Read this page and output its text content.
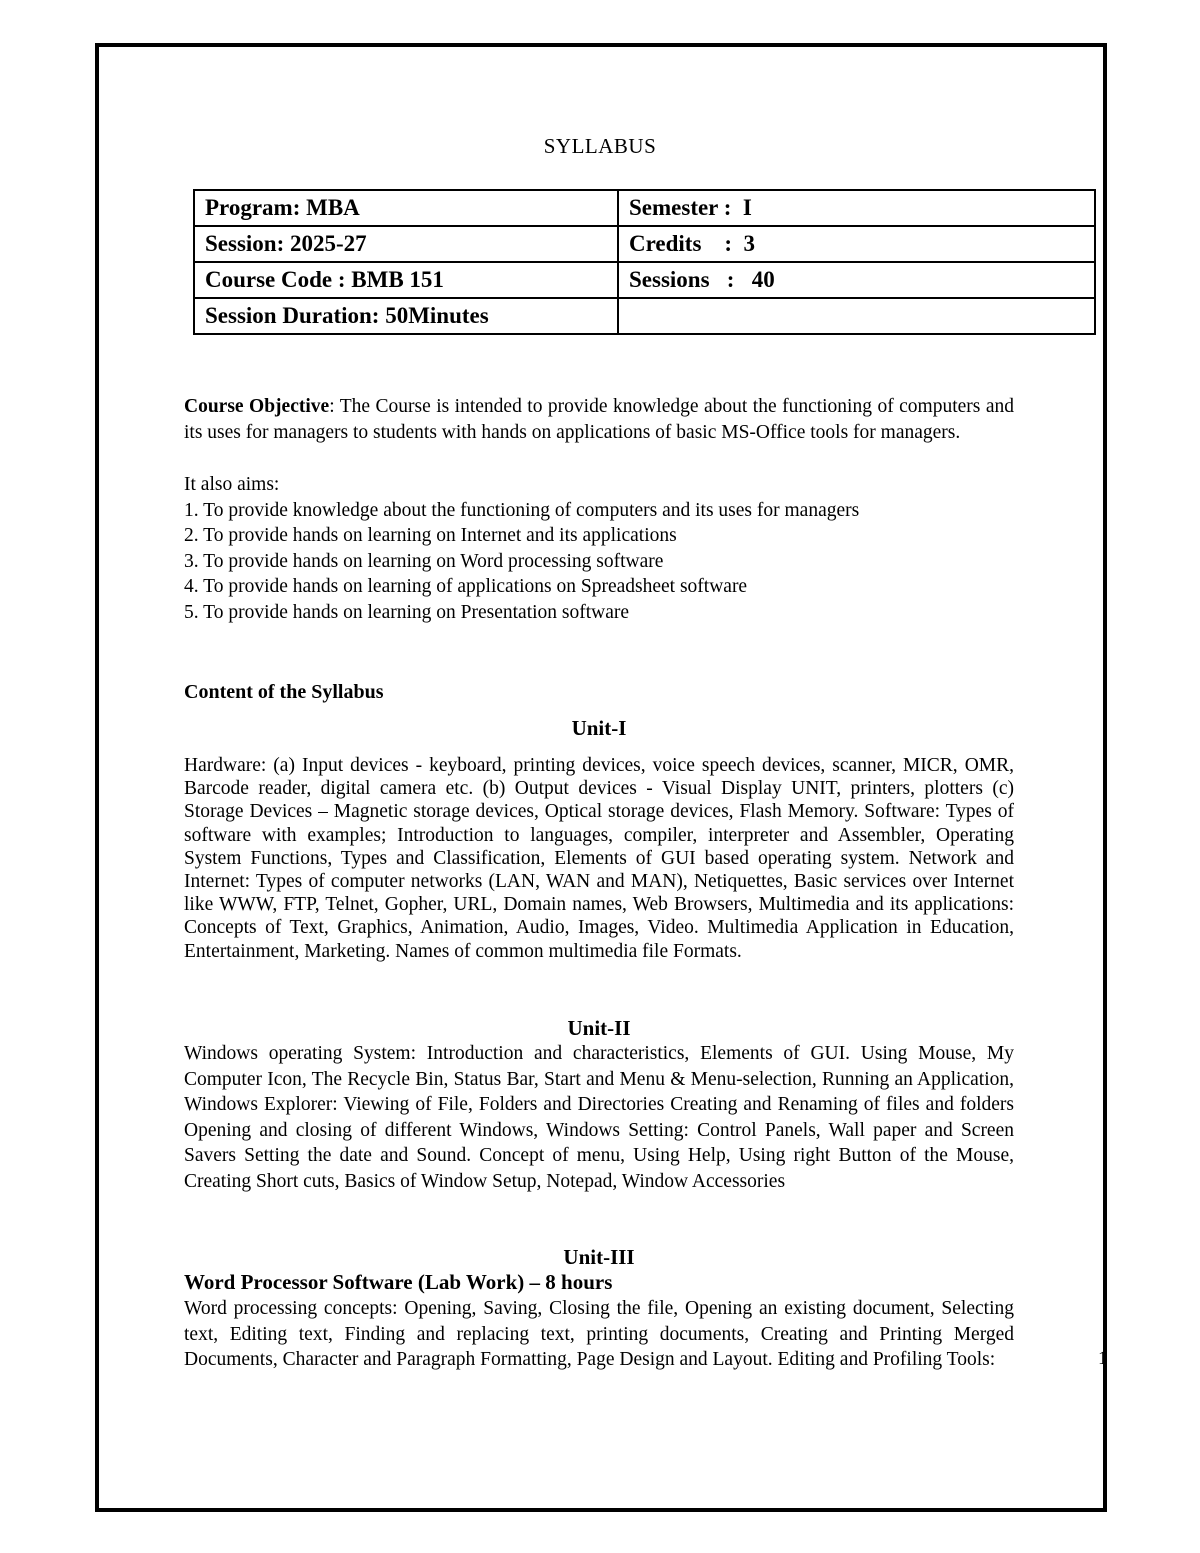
SYLLABUS
Program: MBA	Semester :  I
Session: 2025-27	Credits    :  3
Course Code : BMB 151	Sessions   :   40
Session Duration: 50Minutes	
Course Objective: The Course is intended to provide knowledge about the functioning of computers and its uses for managers to students with hands on applications of basic MS-Office tools for managers.
It also aims:
1. To provide knowledge about the functioning of computers and its uses for managers
2. To provide hands on learning on Internet and its applications
3. To provide hands on learning on Word processing software
4. To provide hands on learning of applications on Spreadsheet software
5. To provide hands on learning on Presentation software
Content of the Syllabus
Unit-I
Hardware: (a) Input devices - keyboard, printing devices, voice speech devices, scanner, MICR, OMR, Barcode reader, digital camera etc. (b) Output devices - Visual Display UNIT, printers, plotters (c) Storage Devices – Magnetic storage devices, Optical storage devices, Flash Memory. Software: Types of software with examples; Introduction to languages, compiler, interpreter and Assembler, Operating System Functions, Types and Classification, Elements of GUI based operating system. Network and Internet: Types of computer networks (LAN, WAN and MAN), Netiquettes, Basic services over Internet like WWW, FTP, Telnet, Gopher, URL, Domain names, Web Browsers, Multimedia and its applications: Concepts of Text, Graphics, Animation, Audio, Images, Video. Multimedia Application in Education, Entertainment, Marketing. Names of common multimedia file Formats.
Unit-II
Windows operating System: Introduction and characteristics, Elements of GUI. Using Mouse, My Computer Icon, The Recycle Bin, Status Bar, Start and Menu & Menu-selection, Running an Application, Windows Explorer: Viewing of File, Folders and Directories Creating and Renaming of files and folders Opening and closing of different Windows, Windows Setting: Control Panels, Wall paper and Screen Savers Setting the date and Sound. Concept of menu, Using Help, Using right Button of the Mouse, Creating Short cuts, Basics of Window Setup, Notepad, Window Accessories
Unit-III
Word Processor Software (Lab Work) – 8 hours
Word processing concepts: Opening, Saving, Closing the file, Opening an existing document, Selecting text, Editing text, Finding and replacing text, printing documents, Creating and Printing Merged Documents, Character and Paragraph Formatting, Page Design and Layout. Editing and Profiling Tools:	1
